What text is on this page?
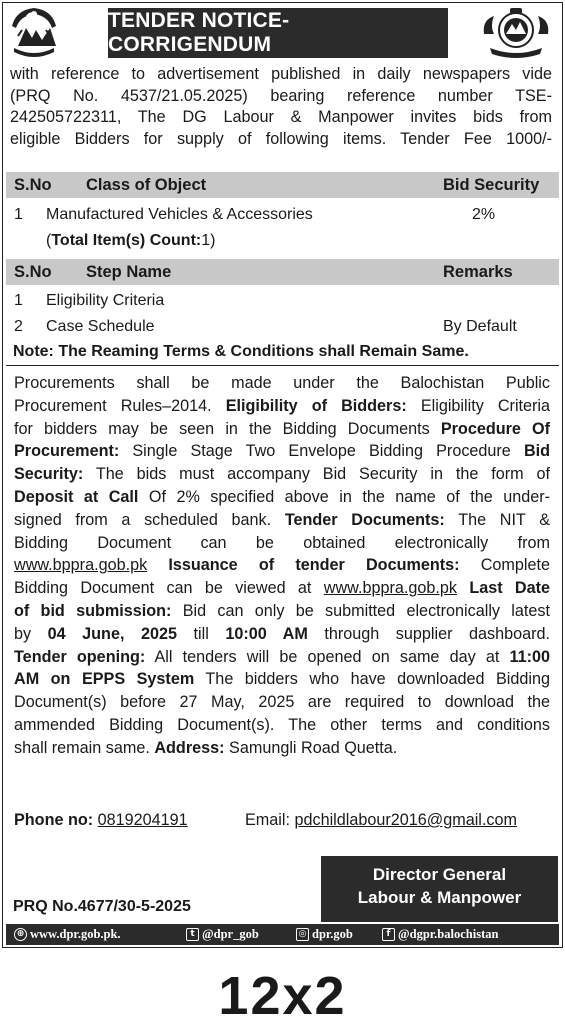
TENDER NOTICE-CORRIGENDUM
with reference to advertisement published in daily newspapers vide
(PRQ No. 4537/21.05.2025) bearing reference number TSE-
242505722311, The DG Labour & Manpower invites bids from
eligible Bidders for supply of following items. Tender Fee 1000/-
S.No Class of Object	Bid Security
1 Manufactured Vehicles & Accessories	2%
(Total Item(s) Count:1)
S.No Step Name	Remarks
1 Eligibility Criteria
2 Case Schedule	By Default
Note: The Reaming Terms & Conditions shall Remain Same.
Procurements shall be made under the Balochistan Public
Procurement Rules–2014. Eligibility of Bidders: Eligibility Criteria
for bidders may be seen in the Bidding Documents Procedure Of
Procurement: Single Stage Two Envelope Bidding Procedure Bid
Security: The bids must accompany Bid Security in the form of
Deposit at Call Of 2% specified above in the name of the under-
signed from a scheduled bank. Tender Documents: The NIT &
Bidding Document can be obtained electronically from
www.bppra.gob.pk Issuance of tender Documents: Complete
Bidding Document can be viewed at www.bppra.gob.pk Last Date
of bid submission: Bid can only be submitted electronically latest
by 04 June, 2025 till 10:00 AM through supplier dashboard.
Tender opening: All tenders will be opened on same day at 11:00
AM on EPPS System The bidders who have downloaded Bidding
Document(s) before 27 May, 2025 are required to download the
ammended Bidding Document(s). The other terms and conditions
shall remain same. Address: Samungli Road Quetta.
Phone no: 0819204191	Email: pdchildlabour2016@gmail.com
Director General
Labour & Manpower
PRQ No.4677/30-5-2025
⊕ www.dpr.gob.pk.	t @dpr_gob	◎ dpr.gob	f @dgpr.balochistan
12x2
